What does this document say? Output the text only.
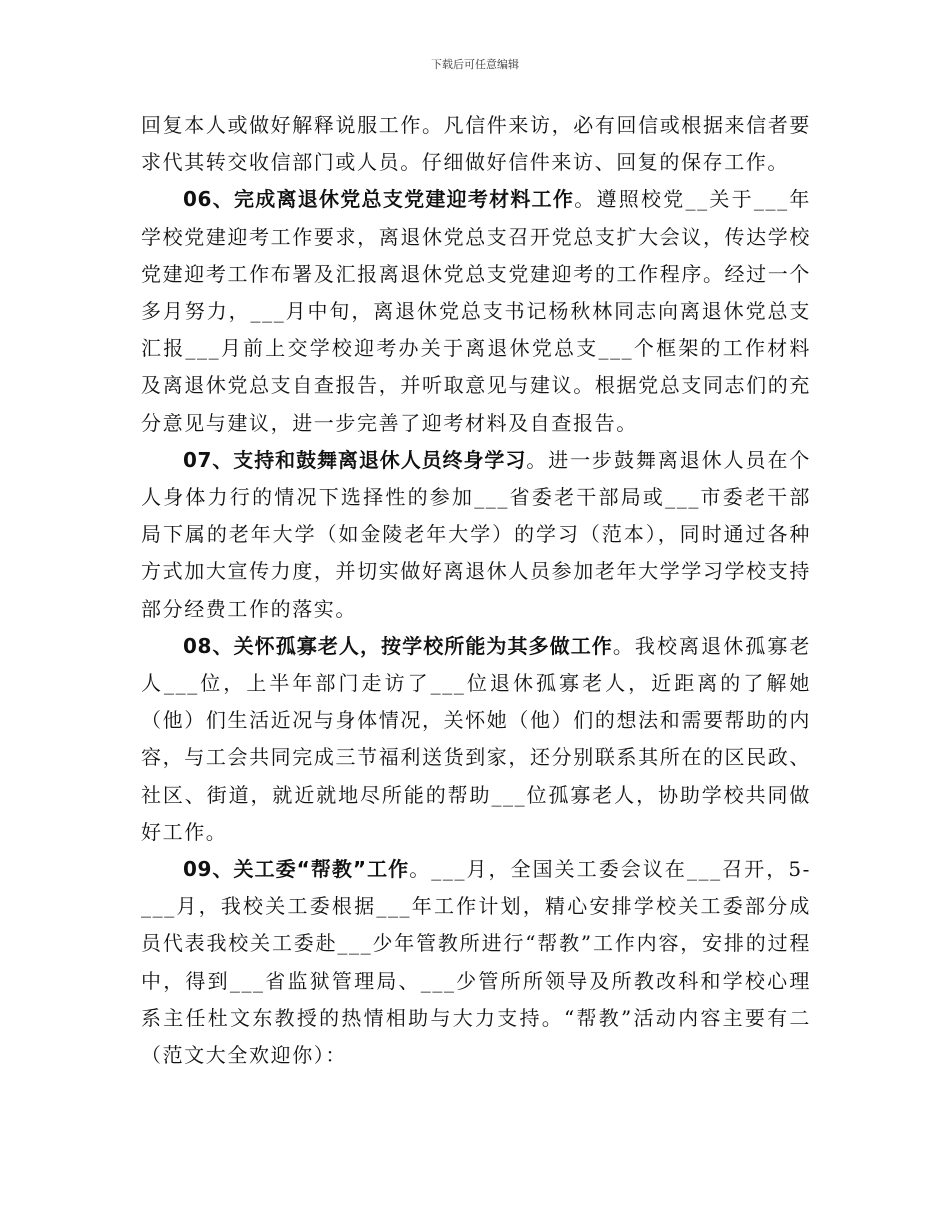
下载后可任意编辑

回复本人或做好解释说服工作。凡信件来访，必有回信或根据来信者要求代其转交收信部门或人员。仔细做好信件来访、回复的保存工作。

06、完成离退休党总支党建迎考材料工作。遵照校党__关于___年学校党建迎考工作要求，离退休党总支召开党总支扩大会议，传达学校党建迎考工作布署及汇报离退休党总支党建迎考的工作程序。经过一个多月努力，___月中旬，离退休党总支书记杨秋林同志向离退休党总支汇报___月前上交学校迎考办关于离退休党总支___个框架的工作材料及离退休党总支自查报告，并听取意见与建议。根据党总支同志们的充分意见与建议，进一步完善了迎考材料及自查报告。

07、支持和鼓舞离退休人员终身学习。进一步鼓舞离退休人员在个人身体力行的情况下选择性的参加___省委老干部局或___市委老干部局下属的老年大学（如金陵老年大学）的学习（范本），同时通过各种方式加大宣传力度，并切实做好离退休人员参加老年大学学习学校支持部分经费工作的落实。

08、关怀孤寡老人，按学校所能为其多做工作。我校离退休孤寡老人___位，上半年部门走访了___位退休孤寡老人，近距离的了解她（他）们生活近况与身体情况，关怀她（他）们的想法和需要帮助的内容，与工会共同完成三节福利送货到家，还分别联系其所在的区民政、社区、街道，就近就地尽所能的帮助___位孤寡老人，协助学校共同做好工作。

09、关工委“帮教”工作。___月，全国关工委会议在___召开，5-___月，我校关工委根据___年工作计划，精心安排学校关工委部分成员代表我校关工委赴___少年管教所进行“帮教”工作内容，安排的过程中，得到___省监狱管理局、___少管所所领导及所教改科和学校心理系主任杜文东教授的热情相助与大力支持。“帮教”活动内容主要有二（范文大全欢迎你）：
